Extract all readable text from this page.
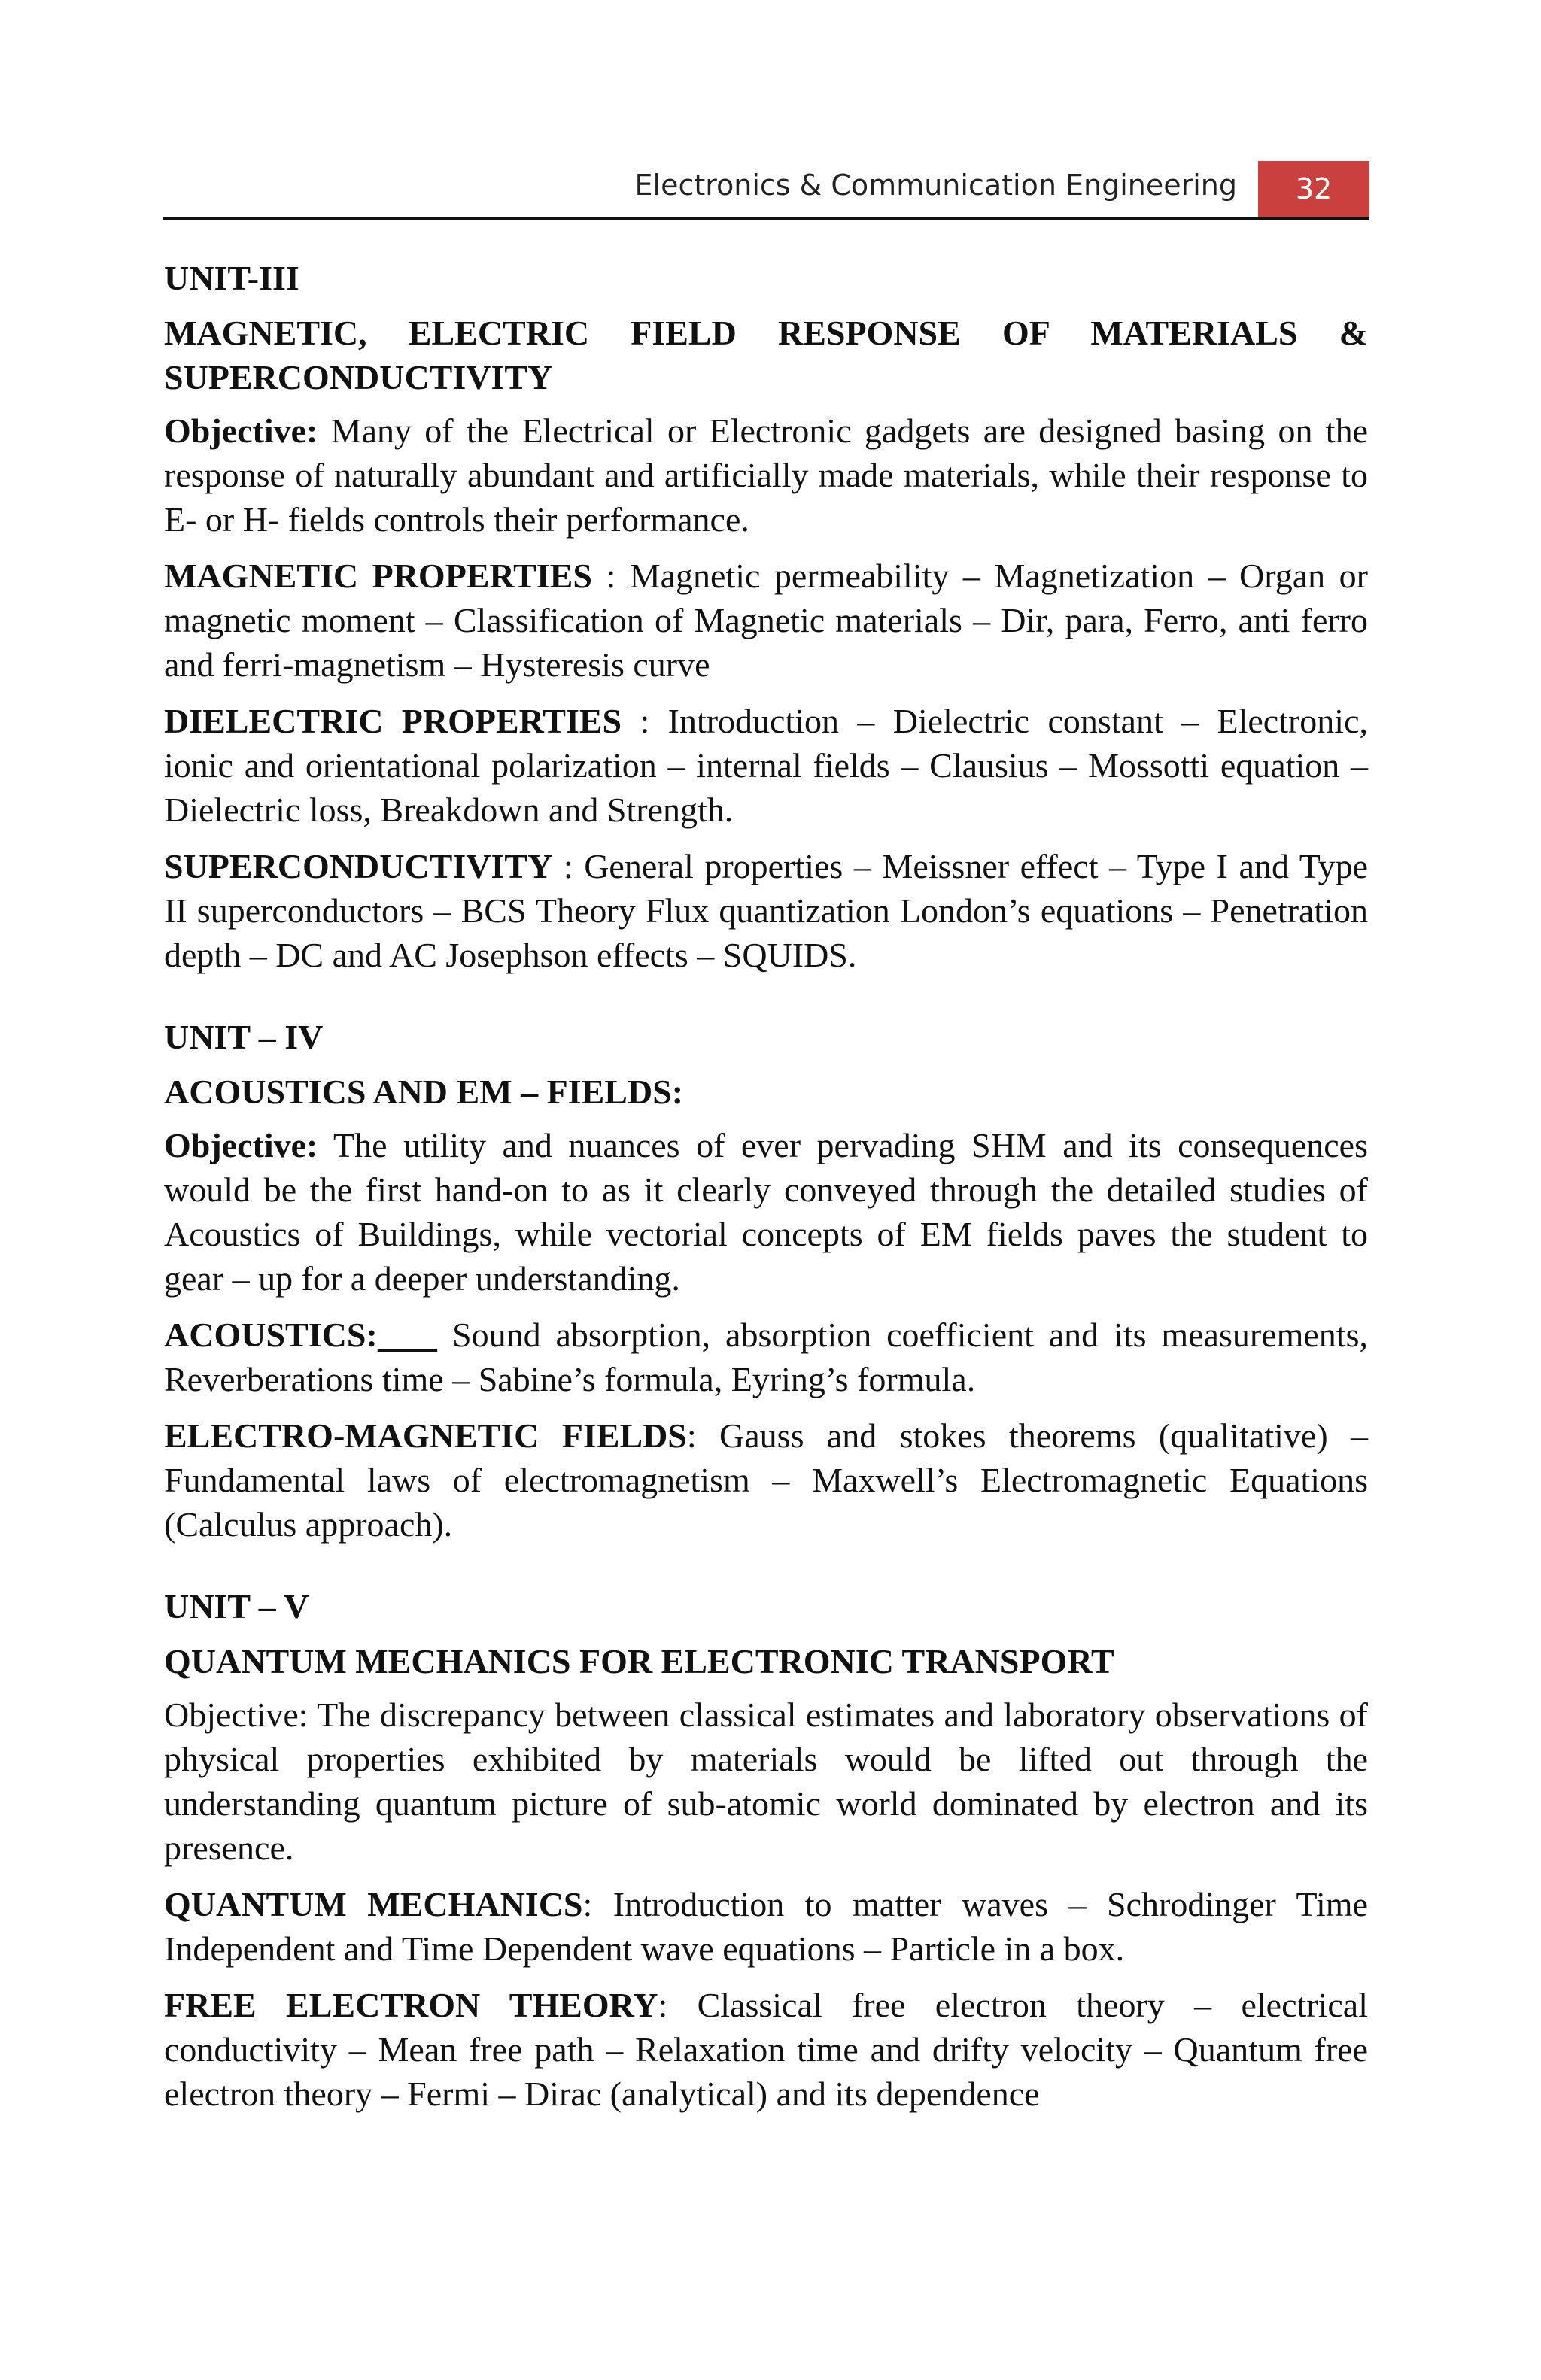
Electronics & Communication Engineering	32
UNIT-III
MAGNETIC, ELECTRIC FIELD RESPONSE OF MATERIALS & SUPERCONDUCTIVITY

Objective: Many of the Electrical or Electronic gadgets are designed basing on the response of naturally abundant and artificially made materials, while their response to E- or H- fields controls their performance.

MAGNETIC PROPERTIES : Magnetic permeability – Magnetization – Organ or magnetic moment – Classification of Magnetic materials – Dir, para, Ferro, anti ferro and ferri-magnetism – Hysteresis curve

DIELECTRIC PROPERTIES : Introduction – Dielectric constant – Electronic, ionic and orientational polarization – internal fields – Clausius – Mossotti equation – Dielectric loss, Breakdown and Strength.

SUPERCONDUCTIVITY : General properties – Meissner effect – Type I and Type II superconductors – BCS Theory Flux quantization London’s equations – Penetration depth – DC and AC Josephson effects – SQUIDS.

UNIT – IV
ACOUSTICS AND EM – FIELDS:

Objective: The utility and nuances of ever pervading SHM and its consequences would be the first hand-on to as it clearly conveyed through the detailed studies of Acoustics of Buildings, while vectorial concepts of EM fields paves the student to gear – up for a deeper understanding.

ACOUSTICS:     Sound absorption, absorption coefficient and its measurements, Reverberations time – Sabine’s formula, Eyring’s formula.

ELECTRO-MAGNETIC FIELDS: Gauss and stokes theorems (qualitative) – Fundamental laws of electromagnetism – Maxwell’s Electromagnetic Equations (Calculus approach).

UNIT – V
QUANTUM MECHANICS FOR ELECTRONIC TRANSPORT

Objective: The discrepancy between classical estimates and laboratory observations of physical properties exhibited by materials would be lifted out through the understanding quantum picture of sub-atomic world dominated by electron and its presence.

QUANTUM MECHANICS: Introduction to matter waves – Schrodinger Time Independent and Time Dependent wave equations – Particle in a box.

FREE ELECTRON THEORY: Classical free electron theory – electrical conductivity – Mean free path – Relaxation time and drifty velocity – Quantum free electron theory – Fermi – Dirac (analytical) and its dependence
